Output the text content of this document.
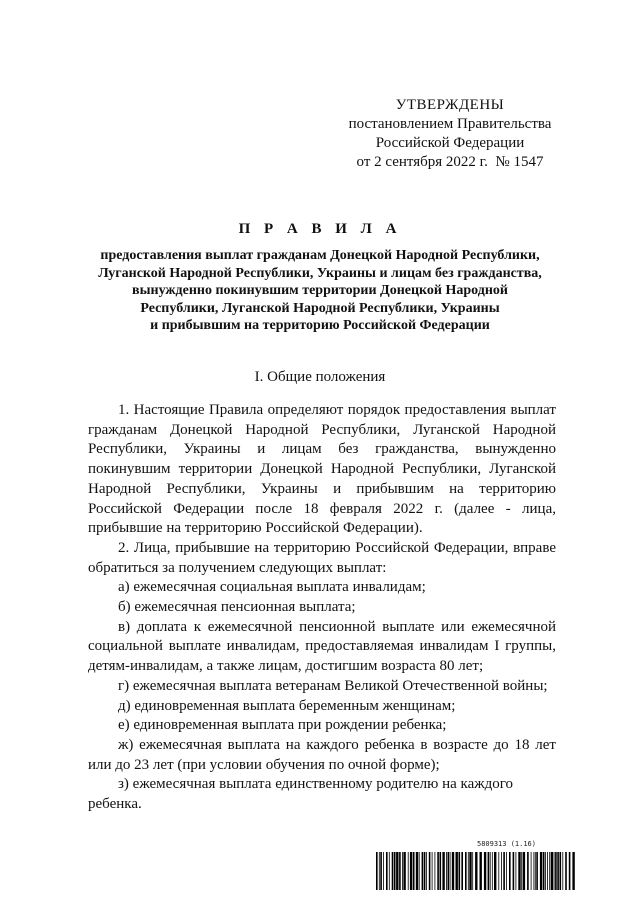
УТВЕРЖДЕНЫ
постановлением Правительства
Российской Федерации
от 2 сентября 2022 г.  № 1547
П Р А В И Л А
предоставления выплат гражданам Донецкой Народной Республики,
Луганской Народной Республики, Украины и лицам без гражданства,
вынужденно покинувшим территории Донецкой Народной
Республики, Луганской Народной Республики, Украины
и прибывшим на территорию Российской Федерации
I. Общие положения

1. Настоящие Правила определяют порядок предоставления выплат гражданам Донецкой Народной Республики, Луганской Народной Республики, Украины и лицам без гражданства, вынужденно покинувшим территории Донецкой Народной Республики, Луганской Народной Республики, Украины и прибывшим на территорию Российской Федерации после 18 февраля 2022 г. (далее - лица, прибывшие на территорию Российской Федерации).

2. Лица, прибывшие на территорию Российской Федерации, вправе обратиться за получением следующих выплат:

а) ежемесячная социальная выплата инвалидам;

б) ежемесячная пенсионная выплата;

в) доплата к ежемесячной пенсионной выплате или ежемесячной социальной выплате инвалидам, предоставляемая инвалидам I группы, детям-инвалидам, а также лицам, достигшим возраста 80 лет;

г) ежемесячная выплата ветеранам Великой Отечественной войны;

д) единовременная выплата беременным женщинам;

е) единовременная выплата при рождении ребенка;

ж) ежемесячная выплата на каждого ребенка в возрасте до 18 лет или до 23 лет (при условии обучения по очной форме);

з) ежемесячная выплата единственному родителю на каждого ребенка.

5809313 (1.16)
